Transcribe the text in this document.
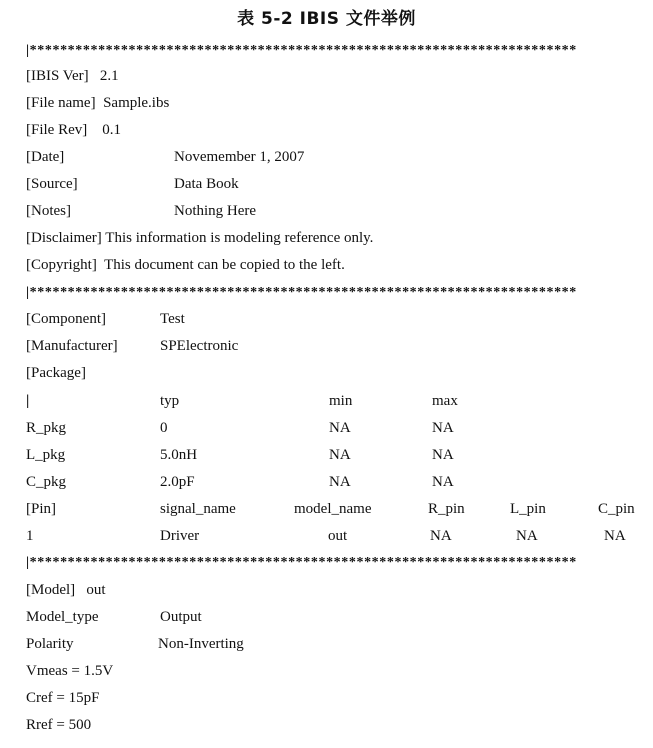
表 5-2 IBIS 文件举例
|************************************************************************
[IBIS Ver] 2.1
[File name] Sample.ibs
[File Rev] 0.1
[Date]	Novemember 1, 2007
[Source]	Data Book
[Notes]	Nothing Here
[Disclaimer] This information is modeling reference only.
[Copyright] This document can be copied to the left.
|************************************************************************
[Component]	Test
[Manufacturer]	SPElectronic
[Package]
|	typ	min	max
R_pkg	0	NA	NA
L_pkg	5.0nH	NA	NA
C_pkg	2.0pF	NA	NA
[Pin]	signal_name	model_name	R_pin	L_pin	C_pin
1	Driver	out	NA	NA	NA
|************************************************************************
[Model] out
Model_type	Output
Polarity	Non-Inverting
Vmeas = 1.5V
Cref = 15pF
Rref = 500
